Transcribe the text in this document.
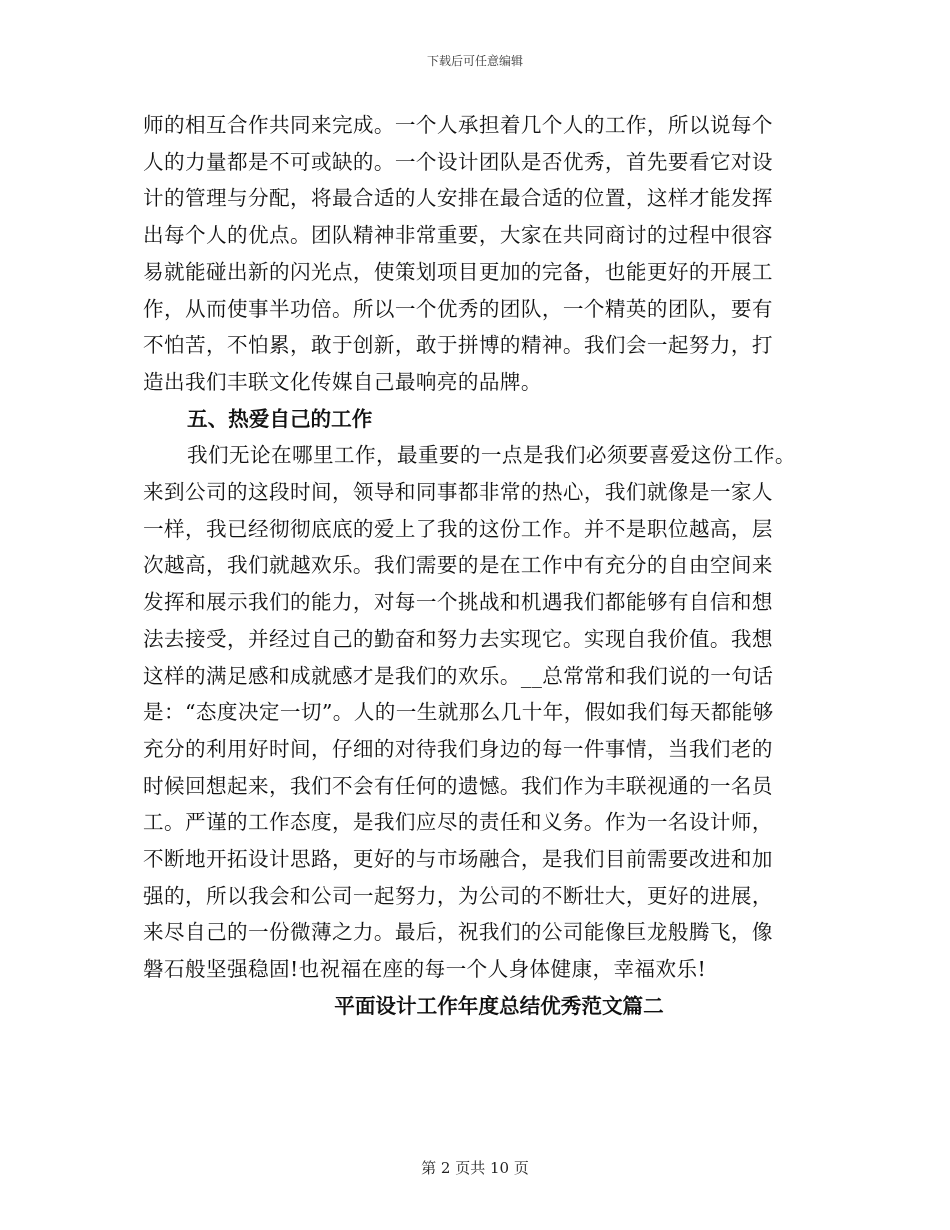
下载后可任意编辑

师的相互合作共同来完成。一个人承担着几个人的工作，所以说每个
人的力量都是不可或缺的。一个设计团队是否优秀，首先要看它对设
计的管理与分配，将最合适的人安排在最合适的位置，这样才能发挥
出每个人的优点。团队精神非常重要，大家在共同商讨的过程中很容
易就能碰出新的闪光点，使策划项目更加的完备，也能更好的开展工
作，从而使事半功倍。所以一个优秀的团队，一个精英的团队，要有
不怕苦，不怕累，敢于创新，敢于拼博的精神。我们会一起努力，打
造出我们丰联文化传媒自己最响亮的品牌。

五、热爱自己的工作

我们无论在哪里工作，最重要的一点是我们必须要喜爱这份工作。
来到公司的这段时间，领导和同事都非常的热心，我们就像是一家人
一样，我已经彻彻底底的爱上了我的这份工作。并不是职位越高，层
次越高，我们就越欢乐。我们需要的是在工作中有充分的自由空间来
发挥和展示我们的能力，对每一个挑战和机遇我们都能够有自信和想
法去接受，并经过自己的勤奋和努力去实现它。实现自我价值。我想
这样的满足感和成就感才是我们的欢乐。__总常常和我们说的一句话
是：“态度决定一切”。人的一生就那么几十年，假如我们每天都能够
充分的利用好时间，仔细的对待我们身边的每一件事情，当我们老的
时候回想起来，我们不会有任何的遗憾。我们作为丰联视通的一名员
工。严谨的工作态度，是我们应尽的责任和义务。作为一名设计师，
不断地开拓设计思路，更好的与市场融合，是我们目前需要改进和加
强的，所以我会和公司一起努力，为公司的不断壮大，更好的进展，
来尽自己的一份微薄之力。最后，祝我们的公司能像巨龙般腾飞，像
磐石般坚强稳固!也祝福在座的每一个人身体健康，幸福欢乐!

平面设计工作年度总结优秀范文篇二
第 2 页共 10 页
